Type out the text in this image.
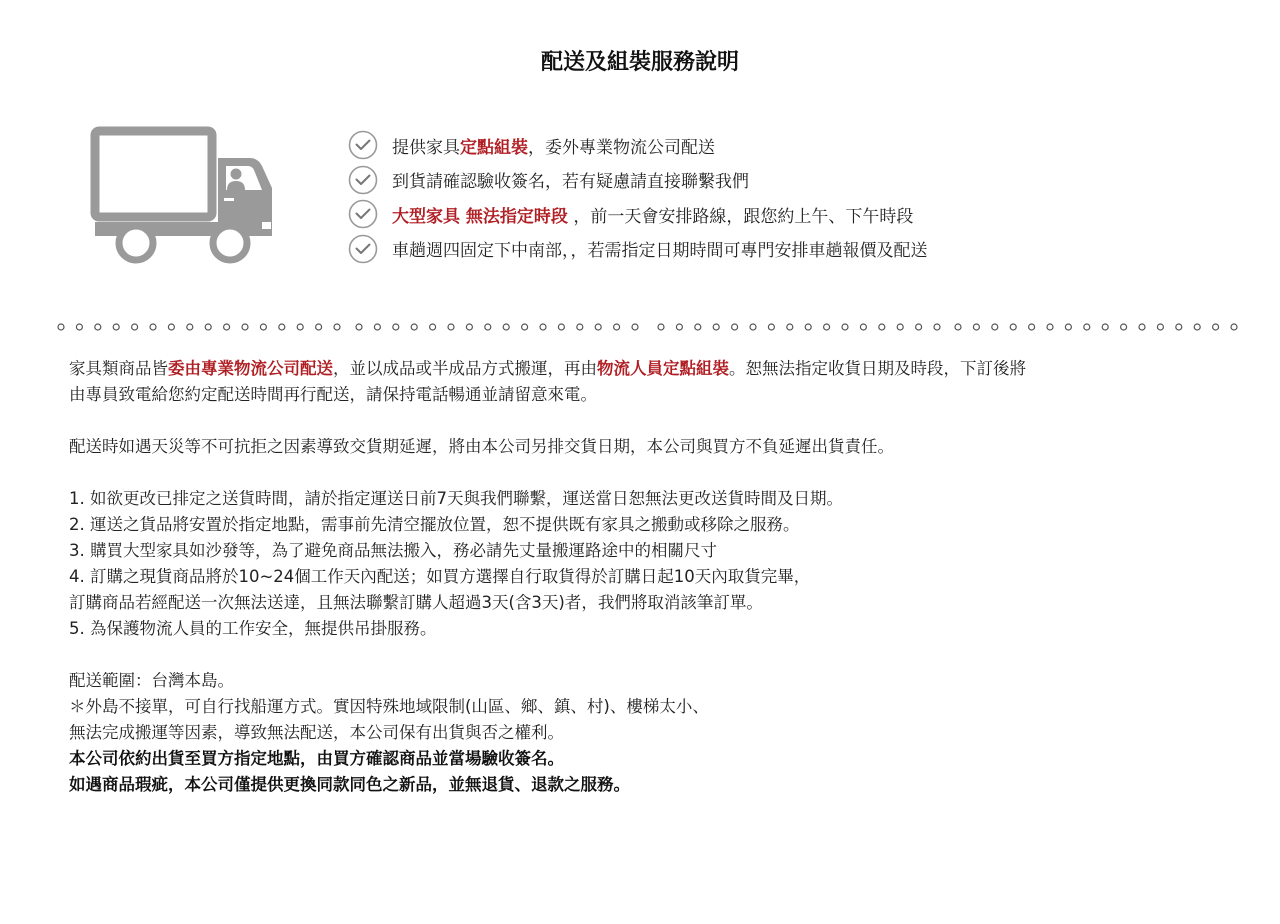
配送及組裝服務說明
提供家具定點組裝，委外專業物流公司配送
到貨請確認驗收簽名，若有疑慮請直接聯繫我們
大型家具 無法指定時段 ，前一天會安排路線，跟您約上午、下午時段
車趟週四固定下中南部，，若需指定日期時間可專門安排車趟報價及配送

家具類商品皆委由專業物流公司配送，並以成品或半成品方式搬運，再由物流人員定點組裝。恕無法指定收貨日期及時段，下訂後將

由專員致電給您約定配送時間再行配送，請保持電話暢通並請留意來電。

配送時如遇天災等不可抗拒之因素導致交貨期延遲，將由本公司另排交貨日期，本公司與買方不負延遲出貨責任。

1. 如欲更改已排定之送貨時間，請於指定運送日前7天與我們聯繫，運送當日恕無法更改送貨時間及日期。

2. 運送之貨品將安置於指定地點，需事前先清空擺放位置，恕不提供既有家具之搬動或移除之服務。

3. 購買大型家具如沙發等，為了避免商品無法搬入，務必請先丈量搬運路途中的相關尺寸

4. 訂購之現貨商品將於10~24個工作天內配送；如買方選擇自行取貨得於訂購日起10天內取貨完畢，

訂購商品若經配送一次無法送達，且無法聯繫訂購人超過3天(含3天)者，我們將取消該筆訂單。

5. 為保護物流人員的工作安全，無提供吊掛服務。

配送範圍：台灣本島。

＊外島不接單，可自行找船運方式。實因特殊地域限制(山區、鄉、鎮、村)、樓梯太小、

無法完成搬運等因素，導致無法配送，本公司保有出貨與否之權利。

本公司依約出貨至買方指定地點，由買方確認商品並當場驗收簽名。

如遇商品瑕疵，本公司僅提供更換同款同色之新品，並無退貨、退款之服務。
